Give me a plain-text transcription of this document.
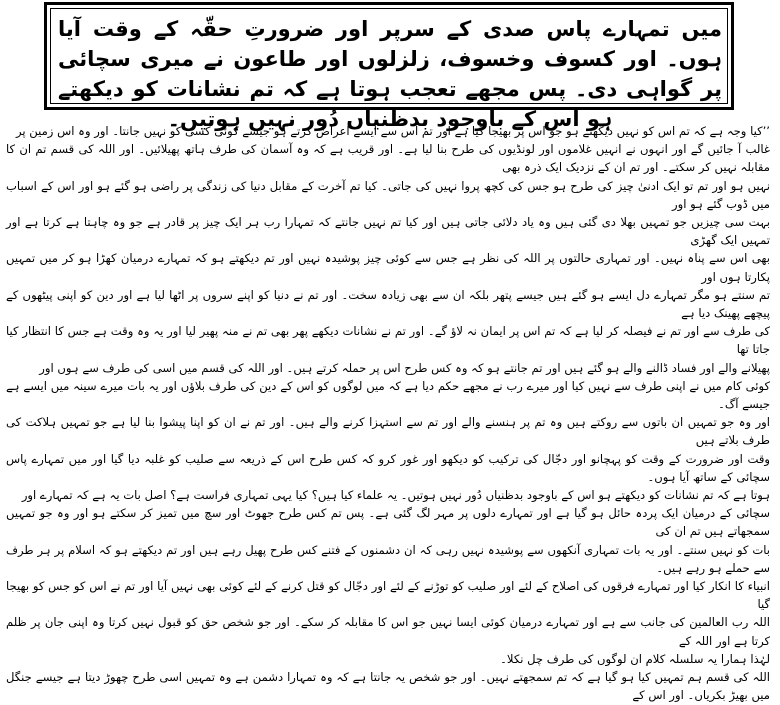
میں تمہارے پاس صدی کے سرپر اور ضرورتِ حقّہ کے وقت آیا ہوں۔ اور کسوف وخسوف، زلزلوں اور طاعون نے میری سچائی پر گواہی دی۔ پس مجھے تعجب ہوتا ہے کہ تم نشانات کو دیکھتے ہو اس کے باوجود بدظنیاں دُور نہیں ہوتیں۔
’’کیا وجہ ہے کہ تم اس کو نہیں دیکھتے ہو جو اس پر بھیجا گیا ہے اور تم اس سے ایسے اعراض کرتے ہو جیسے کوئی کسی کو نہیں جانتا۔ اور وہ اس زمین پر
غالب آ جائیں گے اور انہوں نے انہیں غلاموں اور لونڈیوں کی طرح بنا لیا ہے۔ اور قریب ہے کہ وہ آسمان کی طرف ہاتھ پھیلائیں۔ اور اللہ کی قسم تم ان کا مقابلہ نہیں کر سکتے۔ اور تم ان کے نزدیک ایک ذرہ بھی
نہیں ہو اور تم تو ایک ادنیٰ چیز کی طرح ہو جس کی کچھ پروا نہیں کی جاتی۔ کیا تم آخرت کے مقابل دنیا کی زندگی پر راضی ہو گئے ہو اور اس کے اسباب میں ڈوب گئے ہو اور
بہت سی چیزیں جو تمہیں بھلا دی گئی ہیں وہ یاد دلائی جاتی ہیں اور کیا تم نہیں جانتے کہ تمہارا رب ہر ایک چیز پر قادر ہے جو وہ چاہتا ہے کرتا ہے اور تمہیں ایک گھڑی
بھی اس سے پناہ نہیں۔ اور تمہاری حالتوں پر اللہ کی نظر ہے جس سے کوئی چیز پوشیدہ نہیں اور تم دیکھتے ہو کہ تمہارے درمیان کھڑا ہو کر میں تمہیں پکارتا ہوں اور
تم سنتے ہو مگر تمہارے دل ایسے ہو گئے ہیں جیسے پتھر بلکہ ان سے بھی زیادہ سخت۔ اور تم نے دنیا کو اپنے سروں پر اٹھا لیا ہے اور دین کو اپنی پیٹھوں کے پیچھے پھینک دیا ہے
کی طرف سے اور تم نے فیصلہ کر لیا ہے کہ تم اس پر ایمان نہ لاؤ گے۔ اور تم نے نشانات دیکھے پھر بھی تم نے منہ پھیر لیا اور یہ وہ وقت ہے جس کا انتظار کیا جاتا تھا
پھیلانے والے اور فساد ڈالنے والے ہو گئے ہیں اور تم جانتے ہو کہ وہ کس طرح اس پر حملہ کرتے ہیں۔ اور اللہ کی قسم میں اسی کی طرف سے ہوں اور
کوئی کام میں نے اپنی طرف سے نہیں کیا اور میرے رب نے مجھے حکم دیا ہے کہ میں لوگوں کو اس کے دین کی طرف بلاؤں اور یہ بات میرے سینہ میں ایسے ہے جیسے آگ۔
اور وہ جو تمہیں ان باتوں سے روکتے ہیں وہ تم پر ہنسنے والے اور تم سے استہزا کرنے والے ہیں۔ اور تم نے ان کو اپنا پیشوا بنا لیا ہے جو تمہیں ہلاکت کی طرف بلاتے ہیں
وقت اور ضرورت کے وقت کو پہچانو اور دجّال کی ترکیب کو دیکھو اور غور کرو کہ کس طرح اس کے ذریعہ سے صلیب کو غلبہ دیا گیا اور میں تمہارے پاس سچائی کے ساتھ آیا ہوں۔
ہوتا ہے کہ تم نشانات کو دیکھتے ہو اس کے باوجود بدظنیاں دُور نہیں ہوتیں۔ یہ علماء کیا ہیں؟ کیا یہی تمہاری فراست ہے؟ اصل بات یہ ہے کہ تمہارے اور
سچائی کے درمیان ایک پردہ حائل ہو گیا ہے اور تمہارے دلوں پر مہر لگ گئی ہے۔ پس تم کس طرح جھوٹ اور سچ میں تمیز کر سکتے ہو اور وہ جو تمہیں سمجھاتے ہیں تم ان کی
بات کو نہیں سنتے۔ اور یہ بات تمہاری آنکھوں سے پوشیدہ نہیں رہی کہ ان دشمنوں کے فتنے کس طرح پھیل رہے ہیں اور تم دیکھتے ہو کہ اسلام پر ہر طرف سے حملے ہو رہے ہیں۔
انبیاء کا انکار کیا اور تمہارے فرقوں کی اصلاح کے لئے اور صلیب کو توڑنے کے لئے اور دجّال کو قتل کرنے کے لئے کوئی بھی نہیں آیا اور تم نے اس کو جس کو بھیجا گیا
اللہ رب العالمین کی جانب سے ہے اور تمہارے درمیان کوئی ایسا نہیں جو اس کا مقابلہ کر سکے۔ اور جو شخص حق کو قبول نہیں کرتا وہ اپنی جان پر ظلم کرتا ہے اور اللہ کے
لہٰذا ہمارا یہ سلسلہ کلام ان لوگوں کی طرف چل نکلا۔
اللہ کی قسم ہم تمہیں کیا ہو گیا ہے کہ تم سمجھتے نہیں۔ اور جو شخص یہ جانتا ہے کہ وہ تمہارا دشمن ہے وہ تمہیں اسی طرح چھوڑ دیتا ہے جیسے جنگل میں بھیڑ بکریاں۔ اور اس کے
